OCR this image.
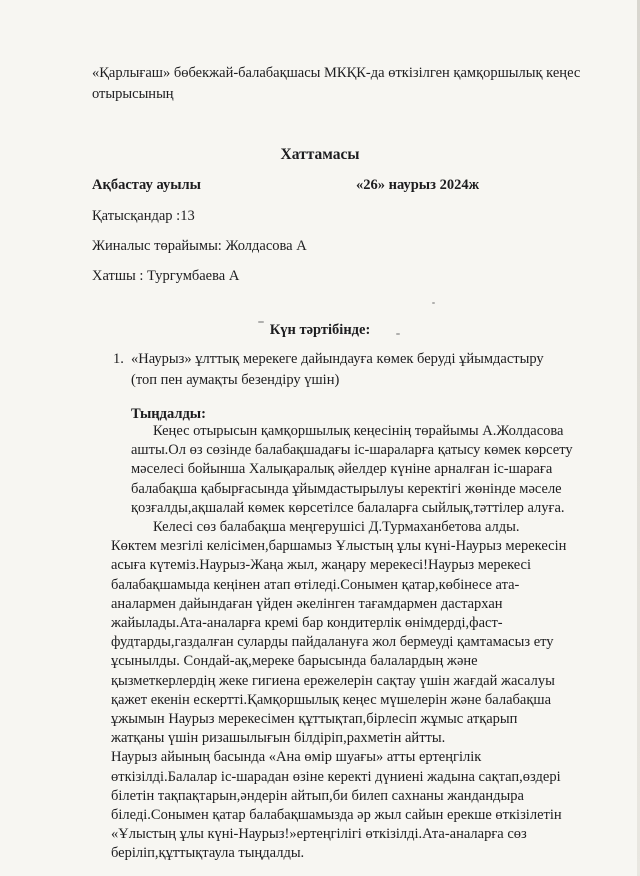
«Қарлығаш» бөбекжай-балабақшасы МКҚК-да өткізілген қамқоршылық кеңес
отырысының
Хаттамасы
Ақбастау ауылы	«26» наурыз 2024ж
Қатысқандар :13
Жиналыс төрайымы: Жолдасова А
Хатшы : Тургумбаева А
Күн тәртібінде:
1. «Наурыз» ұлттық мерекеге дайындауға көмек беруді ұйымдастыру
(топ пен аумақты безендіру үшін)
Тыңдалды:
Кеңес отырысын қамқоршылық кеңесінің төрайымы А.Жолдасова
ашты.Ол өз сөзінде балабақшадағы іс-шараларға қатысу көмек көрсету
мәселесі бойынша Халықаралық әйелдер күніне арналған іс-шараға
балабақша қабырғасында ұйымдастырылуы керектігі жөнінде мәселе
қозғалды,ақшалай көмек көрсетілсе балаларға сыйлық,тәттілер алуға.
Келесі сөз балабақша меңгерушісі Д.Турмаханбетова алды.
Көктем мезгілі келісімен,баршамыз Ұлыстың ұлы күні-Наурыз мерекесін
асыға күтеміз.Наурыз-Жаңа жыл, жаңару мерекесі!Наурыз мерекесі
балабақшамыда кеңінен атап өтіледі.Сонымен қатар,көбінесе ата-
аналармен дайындаған үйден әкелінген тағамдармен дастархан
жайылады.Ата-аналарға кремі бар кондитерлік өнімдерді,фаст-
фудтарды,газдалған суларды пайдалануға жол бермеуді қамтамасыз ету
ұсынылды. Сондай-ақ,мереке барысында балалардың және
қызметкерлердің жеке гигиена ережелерін сақтау үшін жағдай жасалуы
қажет екенін ескертті.Қамқоршылық кеңес мүшелерін және балабақша
ұжымын Наурыз мерекесімен құттықтап,бірлесіп жұмыс атқарып
жатқаны үшін ризашылығын білдіріп,рахметін айтты.
Наурыз айының басында «Ана өмір шуағы» атты ертеңгілік
өткізілді.Балалар іс-шарадан өзіне керекті дүниені жадына сақтап,өздері
білетін тақпақтарын,әндерін айтып,би билеп сахнаны жандандыра
біледі.Сонымен қатар балабақшамызда әр жыл сайын ерекше өткізілетін
«Ұлыстың ұлы күні-Наурыз!»ертеңгілігі өткізілді.Ата-аналарға сөз
беріліп,құттықтаула тыңдалды.
